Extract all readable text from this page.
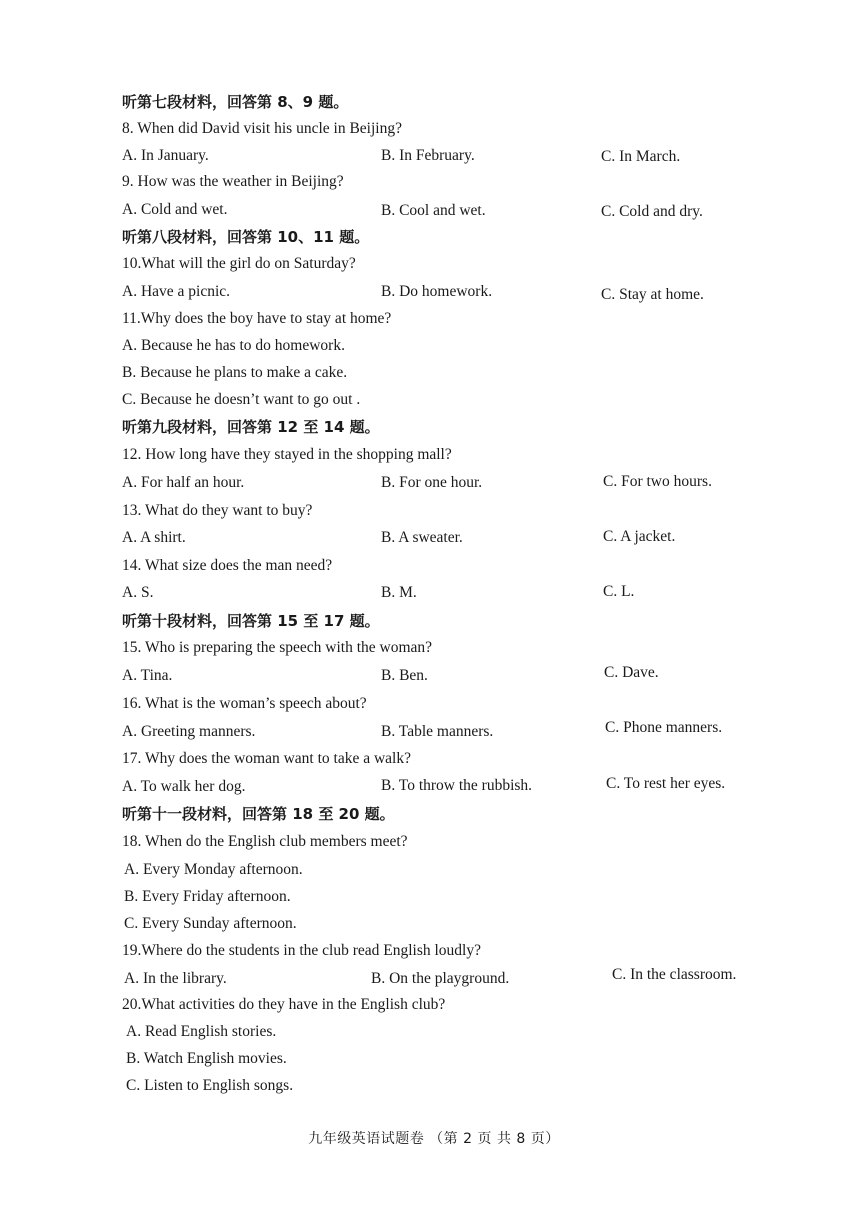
听第七段材料，回答第 8、9 题。
8. When did David visit his uncle in Beijing?
A. In January.	B. In February.	C. In March.
9. How was the weather in Beijing?
A. Cold and wet.	B. Cool and wet.	C. Cold and dry.
听第八段材料，回答第 10、11 题。
10.What will the girl do on Saturday?
A. Have a picnic.	B. Do homework.	C. Stay at home.
11.Why does the boy have to stay at home?
A. Because he has to do homework.
B. Because he plans to make a cake.
C. Because he doesn’t want to go out .
听第九段材料，回答第 12 至 14 题。
12. How long have they stayed in the shopping mall?
A. For half an hour.	B. For one hour.	C. For two hours.
13. What do they want to buy?
A. A shirt.	B. A sweater.	C. A jacket.
14. What size does the man need?
A. S.	B. M.	C. L.
听第十段材料，回答第 15 至 17 题。
15. Who is preparing the speech with the woman?
A. Tina.	B. Ben.	C. Dave.
16. What is the woman’s speech about?
A. Greeting manners.	B. Table manners.	C. Phone manners.
17. Why does the woman want to take a walk?
A. To walk her dog.	B. To throw the rubbish.	C. To rest her eyes.
听第十一段材料，回答第 18 至 20 题。
18. When do the English club members meet?
A. Every Monday afternoon.
B. Every Friday afternoon.
C. Every Sunday afternoon.
19.Where do the students in the club read English loudly?
A. In the library.	B. On the playground.	C. In the classroom.
20.What activities do they have in the English club?
A. Read English stories.
B. Watch English movies.
C. Listen to English songs.
九年级英语试题卷 （第 2 页 共 8 页）
